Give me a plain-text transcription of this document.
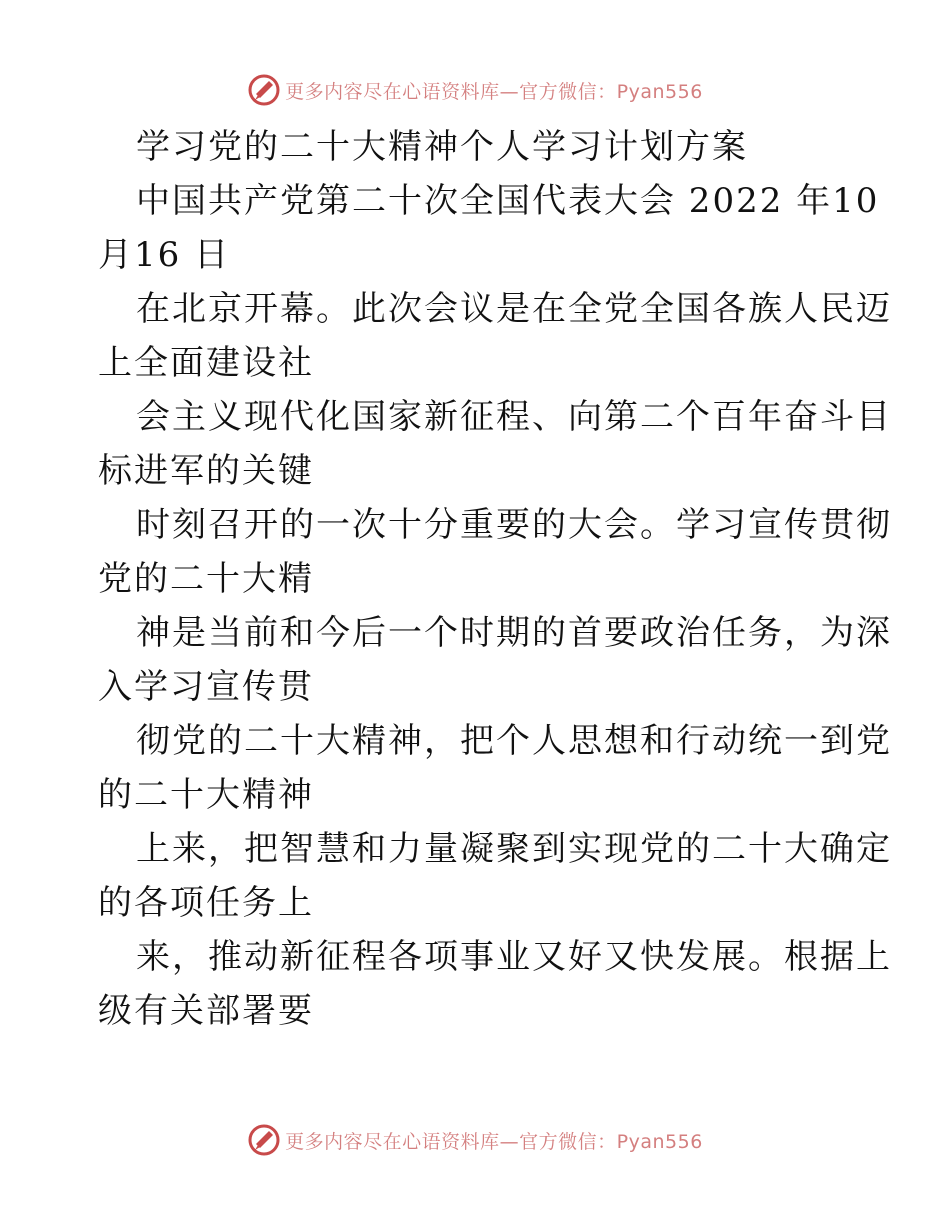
更多内容尽在心语资料库—官方微信：Pyan556
学习党的二十大精神个人学习计划方案
中国共产党第二十次全国代表大会 2022 年10
月16 日
在北京开幕。此次会议是在全党全国各族人民迈
上全面建设社
会主义现代化国家新征程、向第二个百年奋斗目
标进军的关键
时刻召开的一次十分重要的大会。学习宣传贯彻
党的二十大精
神是当前和今后一个时期的首要政治任务，为深
入学习宣传贯
彻党的二十大精神，把个人思想和行动统一到党
的二十大精神
上来，把智慧和力量凝聚到实现党的二十大确定
的各项任务上
来，推动新征程各项事业又好又快发展。根据上
级有关部署要
更多内容尽在心语资料库—官方微信：Pyan556
